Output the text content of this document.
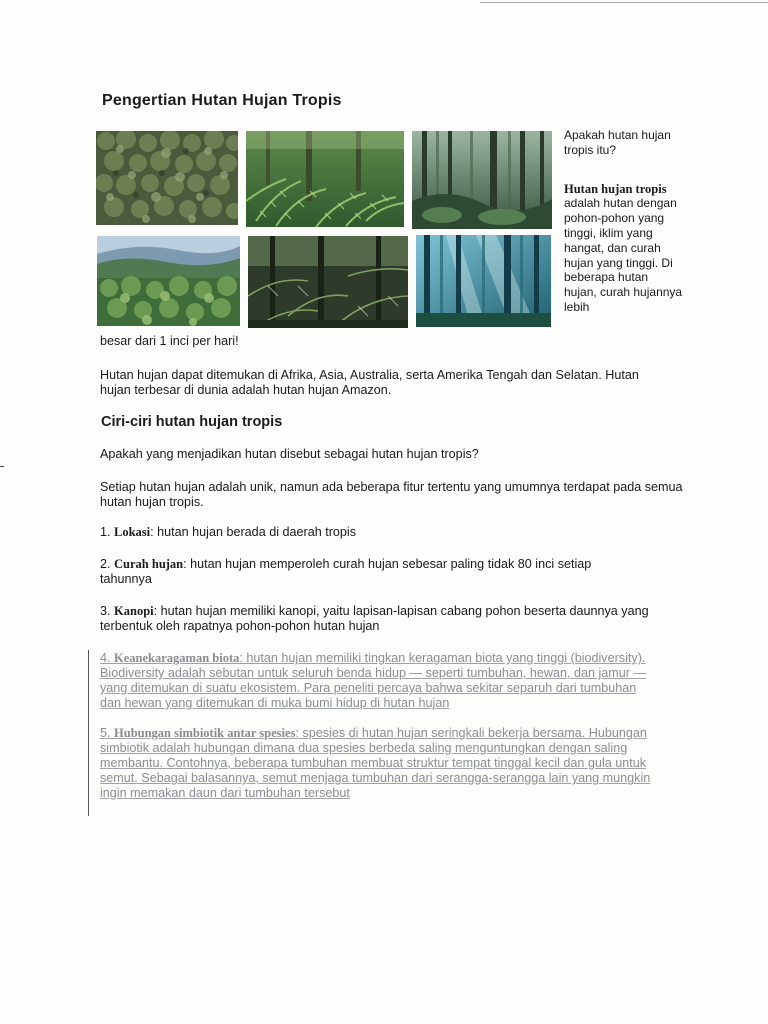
Pengertian Hutan Hujan Tropis
Apakah hutan hujan tropis itu?
Hutan hujan tropis adalah hutan dengan pohon-pohon yang tinggi, iklim yang hangat, dan curah hujan yang tinggi. Di beberapa hutan hujan, curah hujannya lebih
besar dari 1 inci per hari!
Hutan hujan dapat ditemukan di Afrika, Asia, Australia, serta Amerika Tengah dan Selatan. Hutan hujan terbesar di dunia adalah hutan hujan Amazon.
Ciri-ciri hutan hujan tropis
Apakah yang menjadikan hutan disebut sebagai hutan hujan tropis?
Setiap hutan hujan adalah unik, namun ada beberapa fitur tertentu yang umumnya terdapat pada semua hutan hujan tropis.
1. Lokasi: hutan hujan berada di daerah tropis
2. Curah hujan: hutan hujan memperoleh curah hujan sebesar paling tidak 80 inci setiap tahunnya
3. Kanopi: hutan hujan memiliki kanopi, yaitu lapisan-lapisan cabang pohon beserta daunnya yang terbentuk oleh rapatnya pohon-pohon hutan hujan
4. Keanekaragaman biota: hutan hujan memiliki tingkan keragaman biota yang tinggi (biodiversity). Biodiversity adalah sebutan untuk seluruh benda hidup — seperti tumbuhan, hewan, dan jamur — yang ditemukan di suatu ekosistem. Para peneliti percaya bahwa sekitar separuh dari tumbuhan dan hewan yang ditemukan di muka bumi hidup di hutan hujan
5. Hubungan simbiotik antar spesies: spesies di hutan hujan seringkali bekerja bersama. Hubungan simbiotik adalah hubungan dimana dua spesies berbeda saling menguntungkan dengan saling membantu. Contohnya, beberapa tumbuhan membuat struktur tempat tinggal kecil dan gula untuk semut. Sebagai balasannya, semut menjaga tumbuhan dari serangga-serangga lain yang mungkin ingin memakan daun dari tumbuhan tersebut
